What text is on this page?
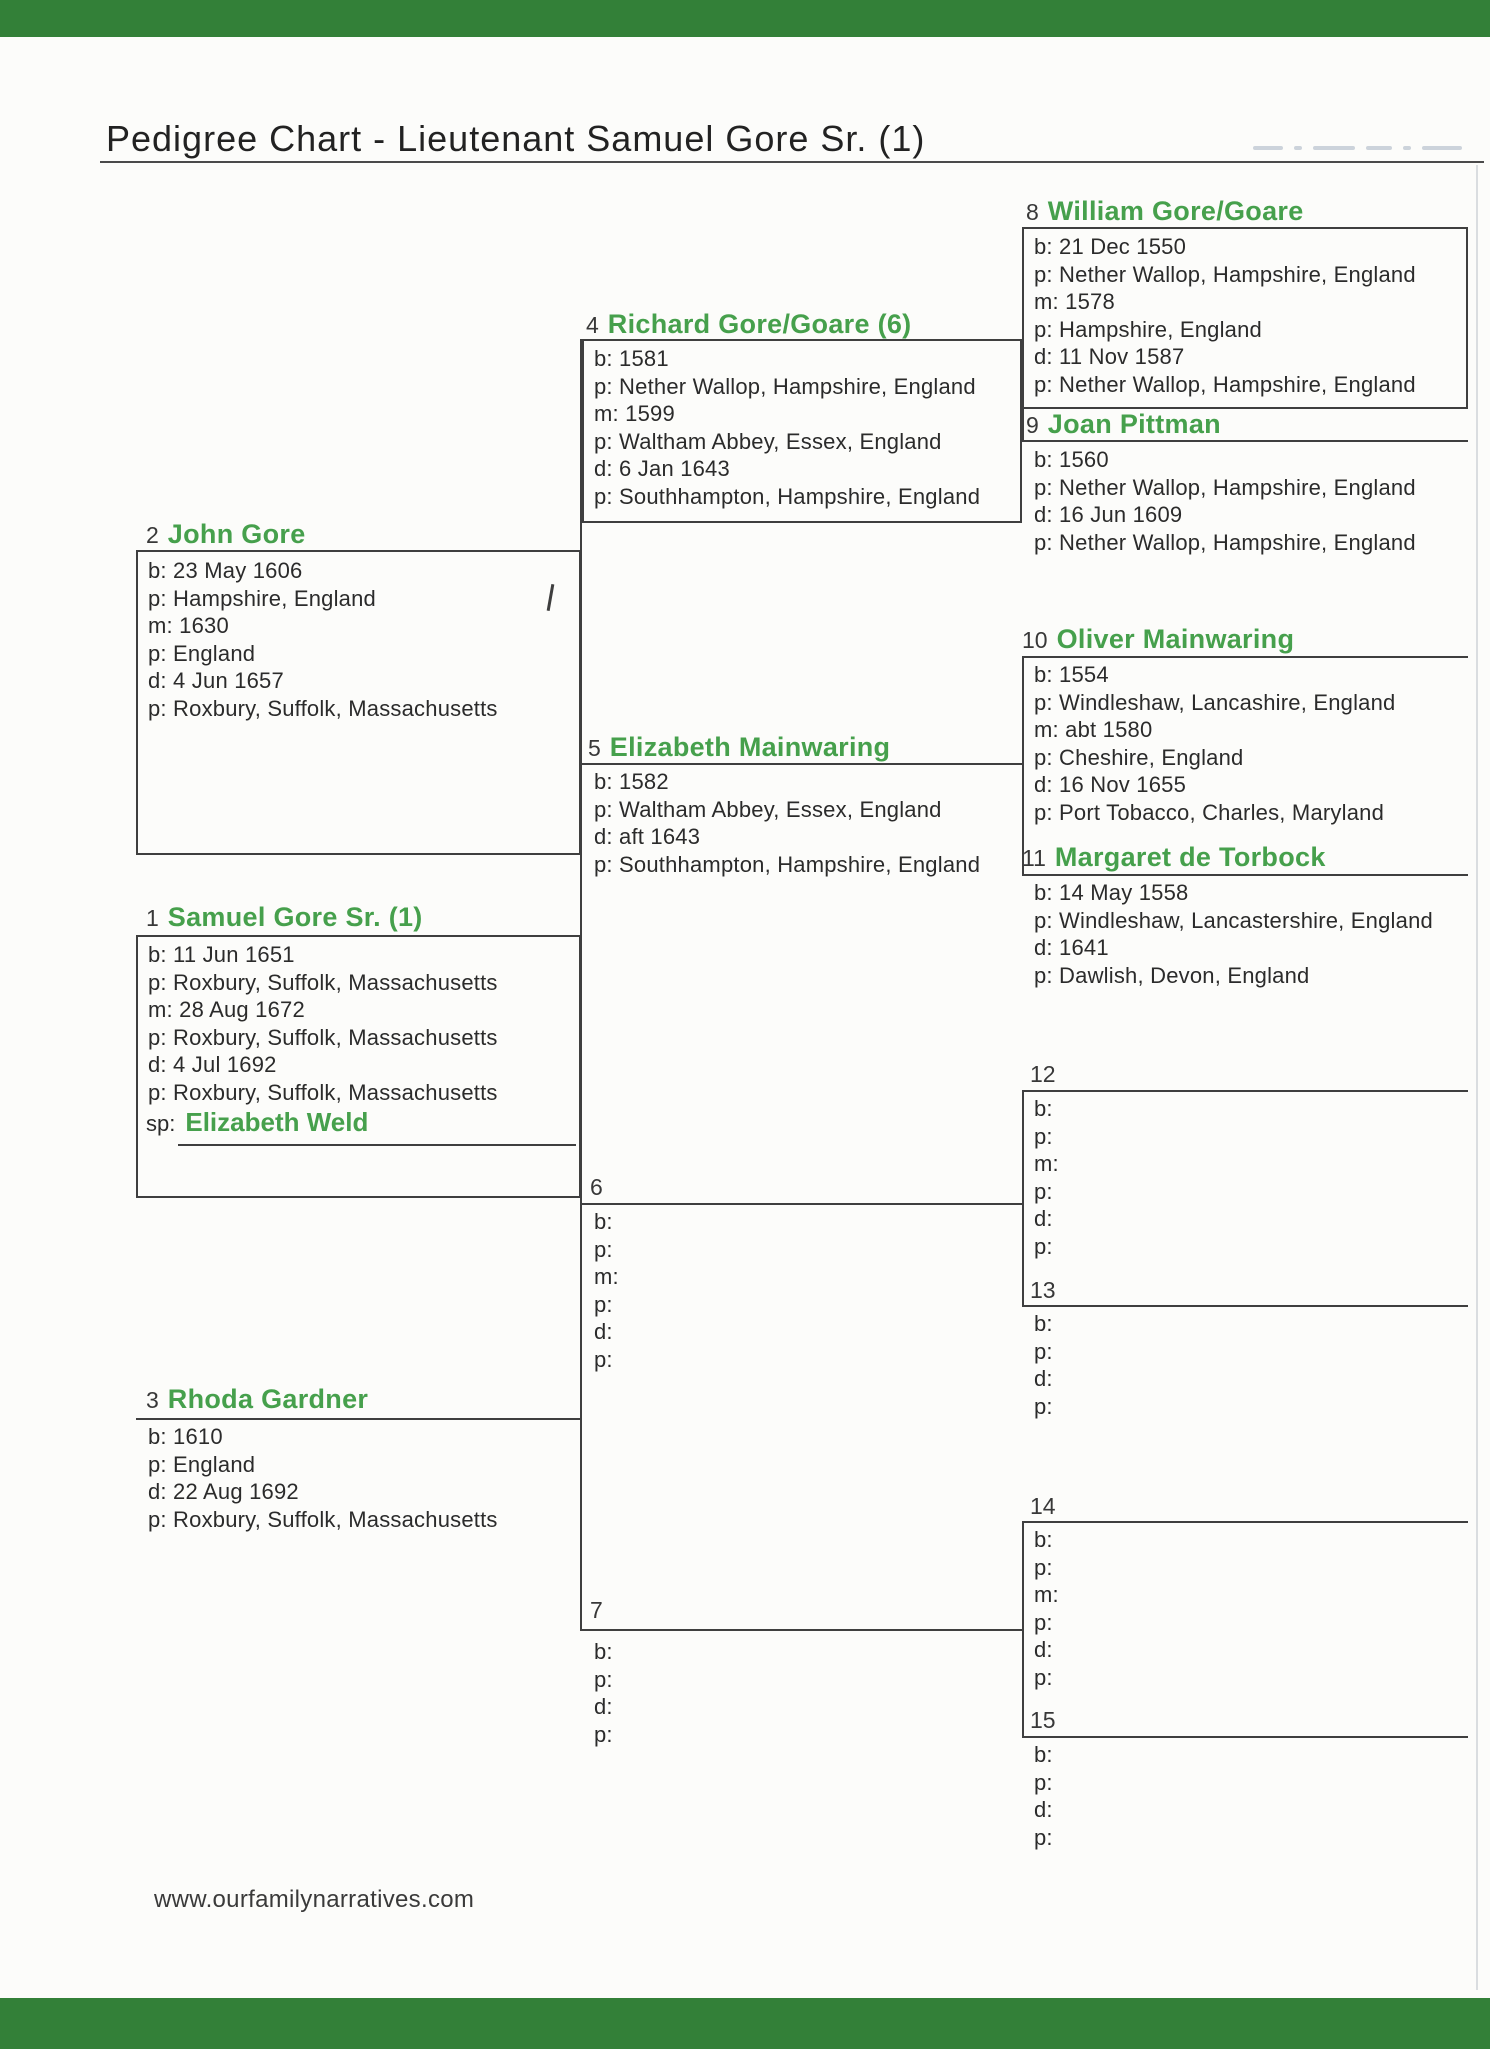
Pedigree Chart - Lieutenant Samuel Gore Sr. (1)
1 Samuel Gore Sr. (1)
b: 11 Jun 1651
p: Roxbury, Suffolk, Massachusetts
m: 28 Aug 1672
p: Roxbury, Suffolk, Massachusetts
d: 4 Jul 1692
p: Roxbury, Suffolk, Massachusetts
sp: Elizabeth Weld
2 John Gore
b: 23 May 1606
p: Hampshire, England
m: 1630
p: England
d: 4 Jun 1657
p: Roxbury, Suffolk, Massachusetts
3 Rhoda Gardner
b: 1610
p: England
d: 22 Aug 1692
p: Roxbury, Suffolk, Massachusetts
4 Richard Gore/Goare (6)
b: 1581
p: Nether Wallop, Hampshire, England
m: 1599
p: Waltham Abbey, Essex, England
d: 6 Jan 1643
p: Southhampton, Hampshire, England
5 Elizabeth Mainwaring
b: 1582
p: Waltham Abbey, Essex, England
d: aft 1643
p: Southhampton, Hampshire, England
6
b:
p:
m:
p:
d:
p:
7
b:
p:
d:
p:
8 William Gore/Goare
b: 21 Dec 1550
p: Nether Wallop, Hampshire, England
m: 1578
p: Hampshire, England
d: 11 Nov 1587
p: Nether Wallop, Hampshire, England
9 Joan Pittman
b: 1560
p: Nether Wallop, Hampshire, England
d: 16 Jun 1609
p: Nether Wallop, Hampshire, England
10 Oliver Mainwaring
b: 1554
p: Windleshaw, Lancashire, England
m: abt 1580
p: Cheshire, England
d: 16 Nov 1655
p: Port Tobacco, Charles, Maryland
11 Margaret de Torbock
b: 14 May 1558
p: Windleshaw, Lancastershire, England
d: 1641
p: Dawlish, Devon, England
12
b:
p:
m:
p:
d:
p:
13
b:
p:
d:
p:
14
b:
p:
m:
p:
d:
p:
15
b:
p:
d:
p:
www.ourfamilynarratives.com
